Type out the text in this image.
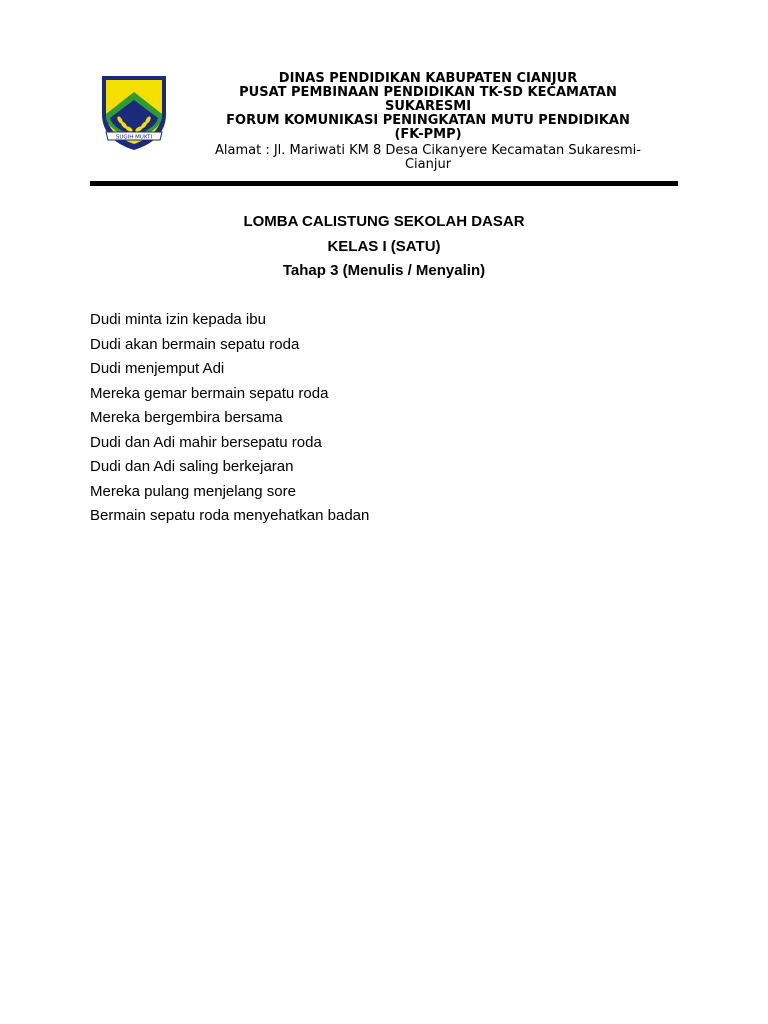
SUGIH MUKTI

DINAS PENDIDIKAN KABUPATEN CIANJUR

PUSAT PEMBINAAN PENDIDIKAN TK-SD KECAMATAN

SUKARESMI

FORUM KOMUNIKASI PENINGKATAN MUTU PENDIDIKAN

(FK-PMP)

Alamat : Jl. Mariwati KM 8 Desa Cikanyere Kecamatan Sukaresmi-

Cianjur

LOMBA CALISTUNG SEKOLAH DASAR
KELAS I (SATU)
Tahap 3 (Menulis / Menyalin)
Dudi minta izin kepada ibu
Dudi akan bermain sepatu roda
Dudi menjemput Adi
Mereka gemar bermain sepatu roda
Mereka bergembira bersama
Dudi dan Adi mahir bersepatu roda
Dudi dan Adi saling berkejaran
Mereka pulang menjelang sore
Bermain sepatu roda menyehatkan badan
